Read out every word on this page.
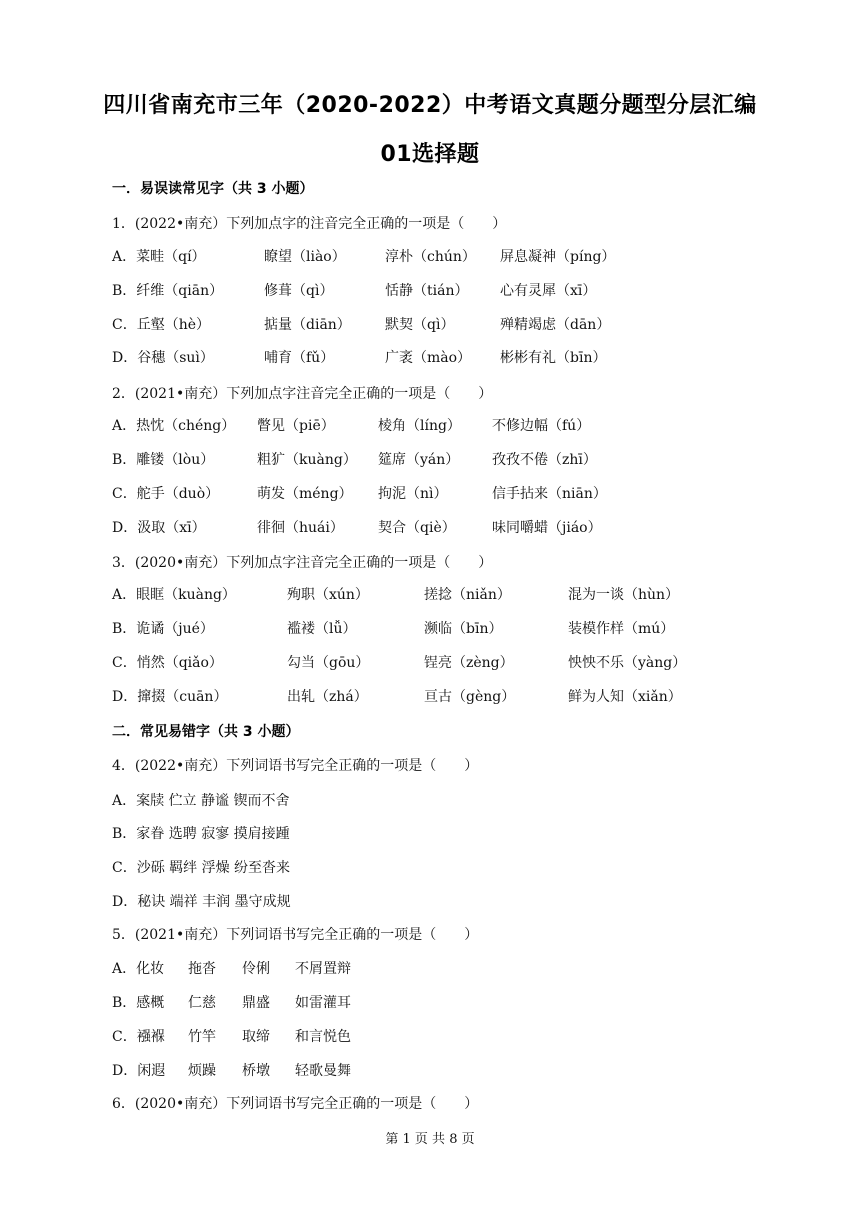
四川省南充市三年（2020-2022）中考语文真题分题型分层汇编
01选择题
一．易误读常见字（共 3 小题）
1．(2022•南充）下列加点字的注音完全正确的一项是（　　）
A．菜畦（qí）	瞭望（liào）	淳朴（chún） 屏息凝神（píng）
B．纤维（qiān）	修葺（qì）	恬静（tián） 心有灵犀（xī）
C．丘壑（hè）	掂量（diān） 默契（qì）	殚精竭虑（dān）
D．谷穗（suì）	哺育（fǔ）	广袤（mào） 彬彬有礼（bīn）
2．(2021•南充）下列加点字注音完全正确的一项是（　　）
A．热忱（chéng） 瞥见（piē）	棱角（líng） 不修边幅（fú）
B．雕镂（lòu）	粗犷（kuàng） 筵席（yán） 孜孜不倦（zhī）
C．舵手（duò）	萌发（méng） 拘泥（nì）	信手拈来（niān）
D．汲取（xī）	徘徊（huái） 契合（qiè）	味同嚼蜡（jiáo）
3．(2020•南充）下列加点字注音完全正确的一项是（　　）
A．眼眶（kuàng）	殉职（xún）	搓捻（niǎn）	混为一谈（hùn）
B．诡谲（jué）	褴褛（lǚ）	濒临（bīn）	装模作样（mú）
C．悄然（qiǎo）	勾当（gōu）	锃亮（zèng）	怏怏不乐（yàng）
D．撺掇（cuān）	出轧（zhá）	亘古（gèng）	鲜为人知（xiǎn）
二．常见易错字（共 3 小题）
4．(2022•南充）下列词语书写完全正确的一项是（　　）
A．案牍 伫立 静谧 锲而不舍
B．家眷 选聘 寂寥 摸肩接踵
C．沙砾 羁绊 浮燥 纷至沓来
D．秘诀 端祥 丰润 墨守成规
5．(2021•南充）下列词语书写完全正确的一项是（　　）
A．化妆 拖沓 伶俐 不屑置辩
B．感概 仁慈 鼎盛 如雷灌耳
C．襁褓 竹竿 取缔 和言悦色
D．闲遐 烦躁 桥墩 轻歌曼舞
6．(2020•南充）下列词语书写完全正确的一项是（　　）
第 1 页 共 8 页
